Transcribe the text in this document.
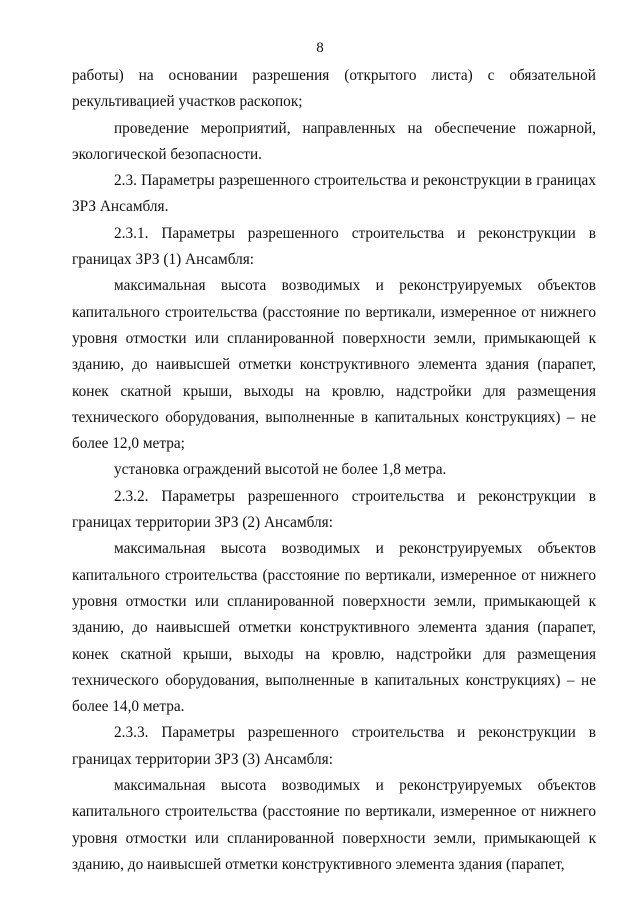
8

работы) на основании разрешения (открытого листа) с обязательной рекультивацией участков раскопок;

проведение мероприятий, направленных на обеспечение пожарной, экологической безопасности.

2.3. Параметры разрешенного строительства и реконструкции в границах ЗРЗ Ансамбля.

2.3.1. Параметры разрешенного строительства и реконструкции в границах ЗРЗ (1) Ансамбля:

максимальная высота возводимых и реконструируемых объектов капитального строительства (расстояние по вертикали, измеренное от нижнего уровня отмостки или спланированной поверхности земли, примыкающей к зданию, до наивысшей отметки конструктивного элемента здания (парапет, конек скатной крыши, выходы на кровлю, надстройки для размещения технического оборудования, выполненные в капитальных конструкциях) – не более 12,0 метра;

установка ограждений высотой не более 1,8 метра.

2.3.2. Параметры разрешенного строительства и реконструкции в границах территории ЗРЗ (2) Ансамбля:

максимальная высота возводимых и реконструируемых объектов капитального строительства (расстояние по вертикали, измеренное от нижнего уровня отмостки или спланированной поверхности земли, примыкающей к зданию, до наивысшей отметки конструктивного элемента здания (парапет, конек скатной крыши, выходы на кровлю, надстройки для размещения технического оборудования, выполненные в капитальных конструкциях) – не более 14,0 метра.

2.3.3. Параметры разрешенного строительства и реконструкции в границах территории ЗРЗ (3) Ансамбля:

максимальная высота возводимых и реконструируемых объектов капитального строительства (расстояние по вертикали, измеренное от нижнего уровня отмостки или спланированной поверхности земли, примыкающей к зданию, до наивысшей отметки конструктивного элемента здания (парапет,
